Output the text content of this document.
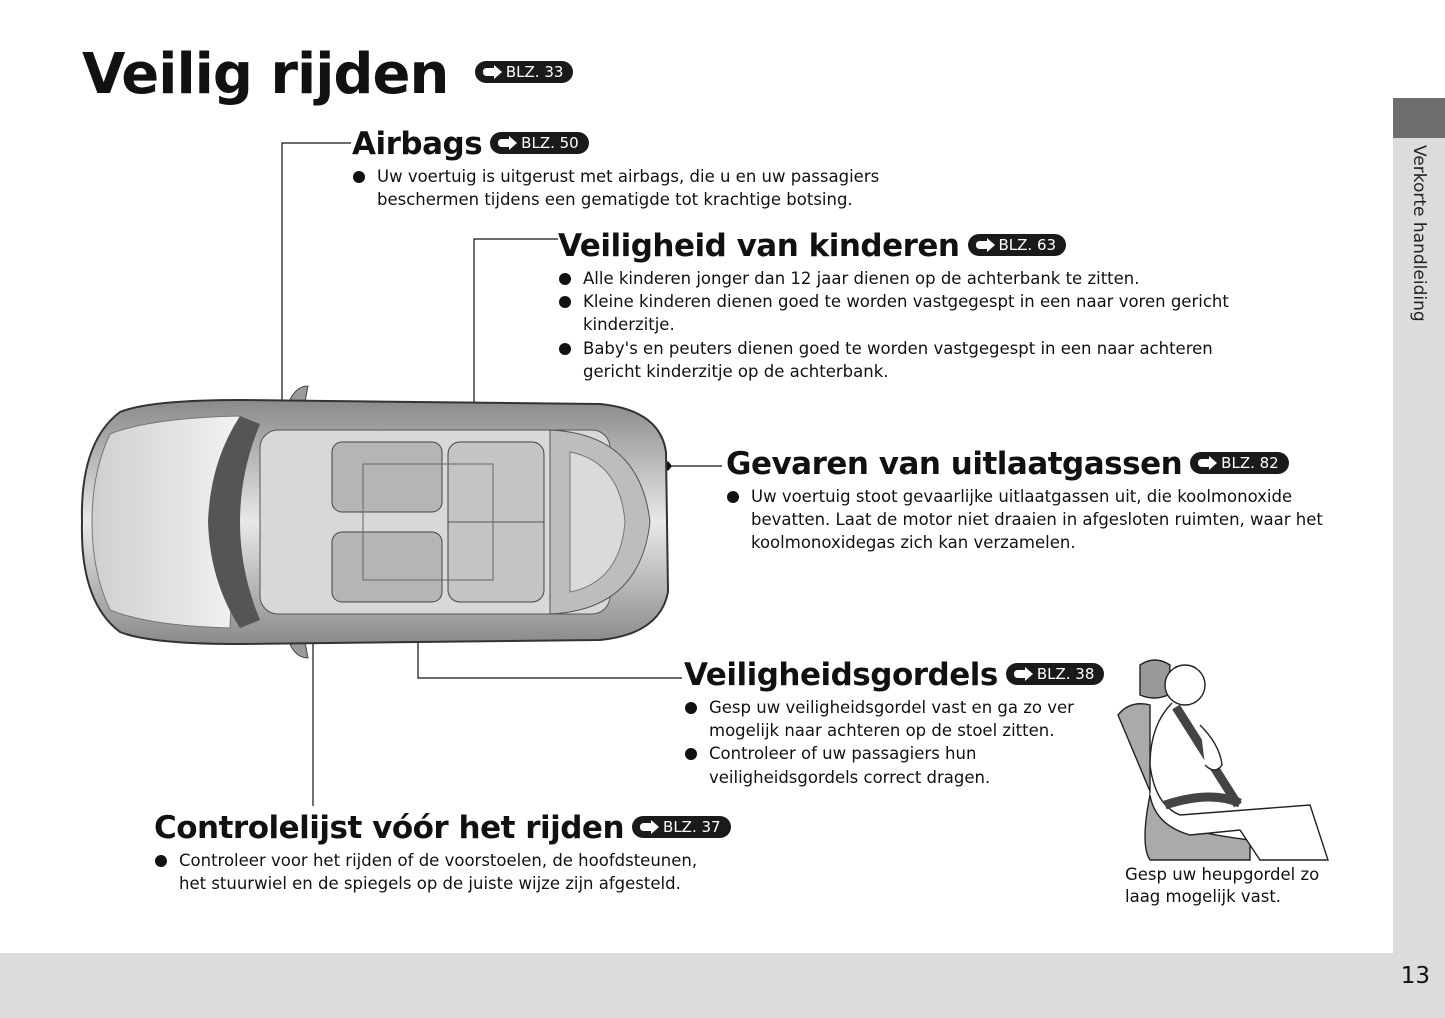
Veilig rijden	BLZ. 33
Airbags	BLZ. 50
Uw voertuig is uitgerust met airbags, die u en uw passagiers beschermen tijdens een gematigde tot krachtige botsing.
Veiligheid van kinderen	BLZ. 63
Alle kinderen jonger dan 12 jaar dienen op de achterbank te zitten.
Kleine kinderen dienen goed te worden vastgegespt in een naar voren gericht kinderzitje.
Baby's en peuters dienen goed te worden vastgegespt in een naar achteren gericht kinderzitje op de achterbank.
Gevaren van uitlaatgassen	BLZ. 82
Uw voertuig stoot gevaarlijke uitlaatgassen uit, die koolmonoxide bevatten. Laat de motor niet draaien in afgesloten ruimten, waar het koolmonoxidegas zich kan verzamelen.
Veiligheidsgordels	BLZ. 38
Gesp uw veiligheidsgordel vast en ga zo ver mogelijk naar achteren op de stoel zitten.
Controleer of uw passagiers hun veiligheidsgordels correct dragen.
Controlelijst vóór het rijden	BLZ. 37
Controleer voor het rijden of de voorstoelen, de hoofdsteunen, het stuurwiel en de spiegels op de juiste wijze zijn afgesteld.	Gesp uw heupgordel zo laag mogelijk vast.
Verkorte handleiding
13
